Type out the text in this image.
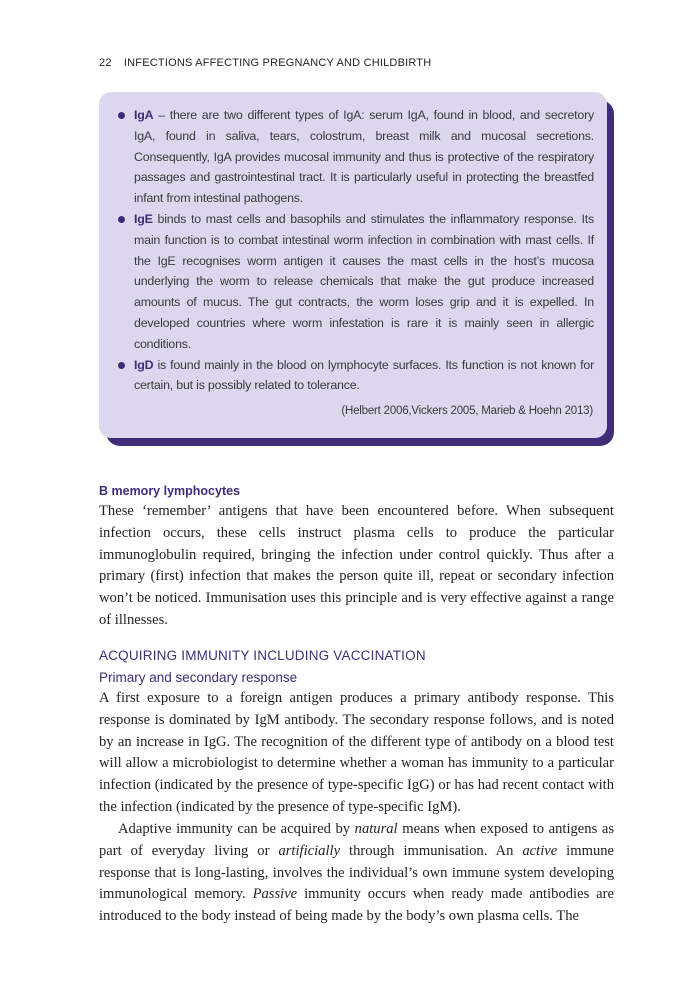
22 INFECTIONS AFFECTING PREGNANCY AND CHILDBIRTH
IgA – there are two different types of IgA: serum IgA, found in blood, and secretory IgA, found in saliva, tears, colostrum, breast milk and mucosal secretions. Consequently, IgA provides mucosal immunity and thus is protective of the respiratory passages and gastrointestinal tract. It is particularly useful in protecting the breastfed infant from intestinal pathogens.
IgE binds to mast cells and basophils and stimulates the inflammatory response. Its main function is to combat intestinal worm infection in combination with mast cells. If the IgE recognises worm antigen it causes the mast cells in the host’s mucosa underlying the worm to release chemicals that make the gut produce increased amounts of mucus. The gut contracts, the worm loses grip and it is expelled. In developed countries where worm infestation is rare it is mainly seen in allergic conditions.
IgD is found mainly in the blood on lymphocyte surfaces. Its function is not known for certain, but is possibly related to tolerance.
(Helbert 2006,Vickers 2005, Marieb & Hoehn 2013)
B memory lymphocytes

These ‘remember’ antigens that have been encountered before. When subsequent infection occurs, these cells instruct plasma cells to produce the particular immunoglobulin required, bringing the infection under control quickly. Thus after a primary (first) infection that makes the person quite ill, repeat or secondary infection won’t be noticed. Immunisation uses this principle and is very effective against a range of illnesses.

ACQUIRING IMMUNITY INCLUDING VACCINATION
Primary and secondary response

A first exposure to a foreign antigen produces a primary antibody response. This response is dominated by IgM antibody. The secondary response follows, and is noted by an increase in IgG. The recognition of the different type of antibody on a blood test will allow a microbiologist to determine whether a woman has immunity to a particular infection (indicated by the presence of type-specific IgG) or has had recent contact with the infection (indicated by the presence of type-specific IgM).

Adaptive immunity can be acquired by natural means when exposed to antigens as part of everyday living or artificially through immunisation. An active immune response that is long-lasting, involves the individual’s own immune system developing immunological memory. Passive immunity occurs when ready made antibodies are introduced to the body instead of being made by the body’s own plasma cells. The
